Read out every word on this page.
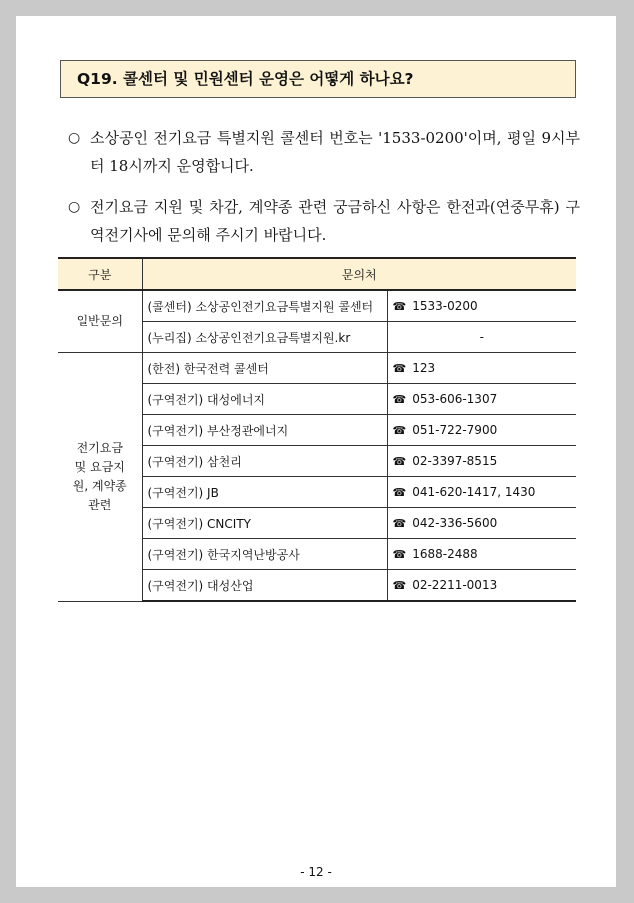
Q19. 콜센터 및 민원센터 운영은 어떻게 하나요?
○ 소상공인 전기요금 특별지원 콜센터 번호는 '1533-0200'이며, 평일 9시부터 18시까지 운영합니다.
○ 전기요금 지원 및 차감, 계약종 관련 궁금하신 사항은 한전과(연중무휴) 구역전기사에 문의해 주시기 바랍니다.
구분	문의처	
일반문의	(콜센터) 소상공인전기요금특별지원 콜센터	☎ 1533-0200
	(누리집) 소상공인전기요금특별지원.kr	-
전기요금 및 요금지원, 계약종 관련	(한전) 한국전력 콜센터	☎ 123
	(구역전기) 대성에너지	☎ 053-606-1307
	(구역전기) 부산정관에너지	☎ 051-722-7900
	(구역전기) 삼천리	☎ 02-3397-8515
	(구역전기) JB	☎ 041-620-1417, 1430
	(구역전기) CNCITY	☎ 042-336-5600
	(구역전기) 한국지역난방공사	☎ 1688-2488
	(구역전기) 대성산업	☎ 02-2211-0013
- 12 -
